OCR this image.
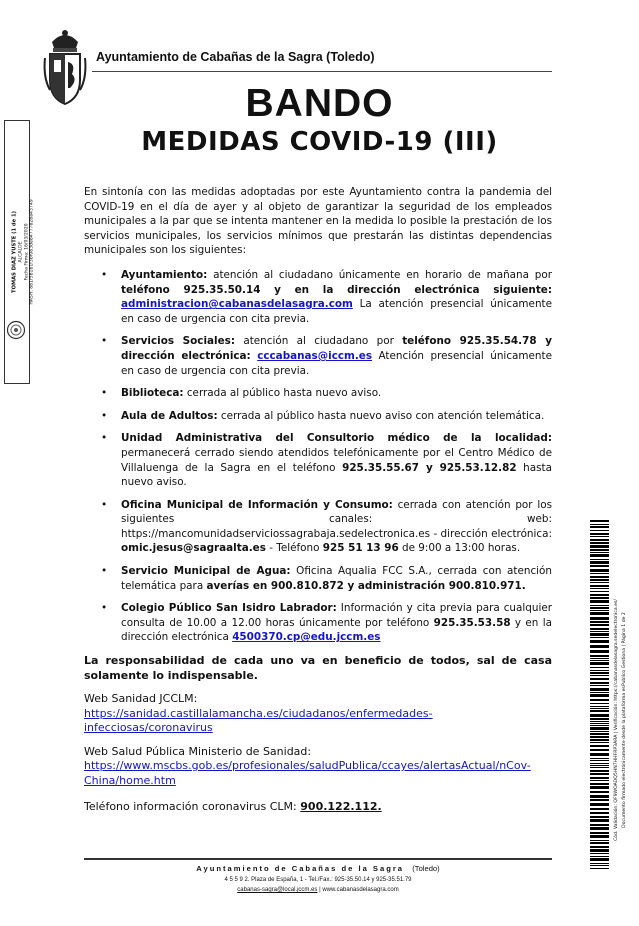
Ayuntamiento de Cabañas de la Sagra (Toledo)
BANDO
MEDIDAS COVID-19 (III)
TOMAS DIAZ YUSTE (1 de 1) ALCALDE Fecha Firma: 16/03/2020 HASH: 8b1f5b1b1f3bf083de8477782ba43749
En sintonía con las medidas adoptadas por este Ayuntamiento contra la pandemia del COVID-19 en el día de ayer y al objeto de garantizar la seguridad de los empleados municipales a la par que se intenta mantener en la medida lo posible la prestación de los servicios municipales, los servicios mínimos que prestarán las distintas dependencias municipales son los siguientes:
• Ayuntamiento: atención al ciudadano únicamente en horario de mañana por teléfono 925.35.50.14 y en la dirección electrónica siguiente: administracion@cabanasdelasagra.com La atención presencial únicamente en caso de urgencia con cita previa.
• Servicios Sociales: atención al ciudadano por teléfono 925.35.54.78 y dirección electrónica: cccabanas@iccm.es Atención presencial únicamente en caso de urgencia con cita previa.
• Biblioteca: cerrada al público hasta nuevo aviso.
• Aula de Adultos: cerrada al público hasta nuevo aviso con atención telemática.
• Unidad Administrativa del Consultorio médico de la localidad: permanecerá cerrado siendo atendidos telefónicamente por el Centro Médico de Villaluenga de la Sagra en el teléfono 925.35.55.67 y 925.53.12.82 hasta nuevo aviso.
• Oficina Municipal de Información y Consumo: cerrada con atención por los siguientes canales: web: https://mancomunidadserviciossagrabaja.sedelectronica.es - dirección electrónica: omic.jesus@sagraalta.es - Teléfono 925 51 13 96 de 9:00 a 13:00 horas.
• Servicio Municipal de Agua: Oficina Aqualia FCC S.A., cerrada con atención telemática para averías en 900.810.872 y administración 900.810.971.
• Colegio Público San Isidro Labrador: Información y cita previa para cualquier consulta de 10.00 a 12.00 horas únicamente por teléfono 925.35.53.58 y en la dirección electrónica 4500370.cp@edu.jccm.es
La responsabilidad de cada uno va en beneficio de todos, sal de casa solamente lo indispensable.
Web Sanidad JCCLM:
https://sanidad.castillalamancha.es/ciudadanos/enfermedades-
infecciosas/coronavirus
Web Salud Pública Ministerio de Sanidad:
https://www.mscbs.gob.es/profesionales/saludPublica/ccayes/alertasActual/nCov-
China/home.htm
Teléfono información coronavirus CLM: 900.122.112.
Ayuntamiento de Cabañas de la Sagra (Toledo)
4 5 5 9 2. Plaza de España, 1 - Tel./Fax.: 925-35.50.14 y 925-35.51.79
cabanas-sagra@local.jccm.es | www.cabanasdelasagra.com
Cód. Validación: QF9WOADQ5HN7HHFRP3ARA | Verificación: https://cabanasdelasagra.sedelectronica.es/ Documento firmado electrónicamente desde la plataforma esPublico Gestiona | Página 1 de 2
